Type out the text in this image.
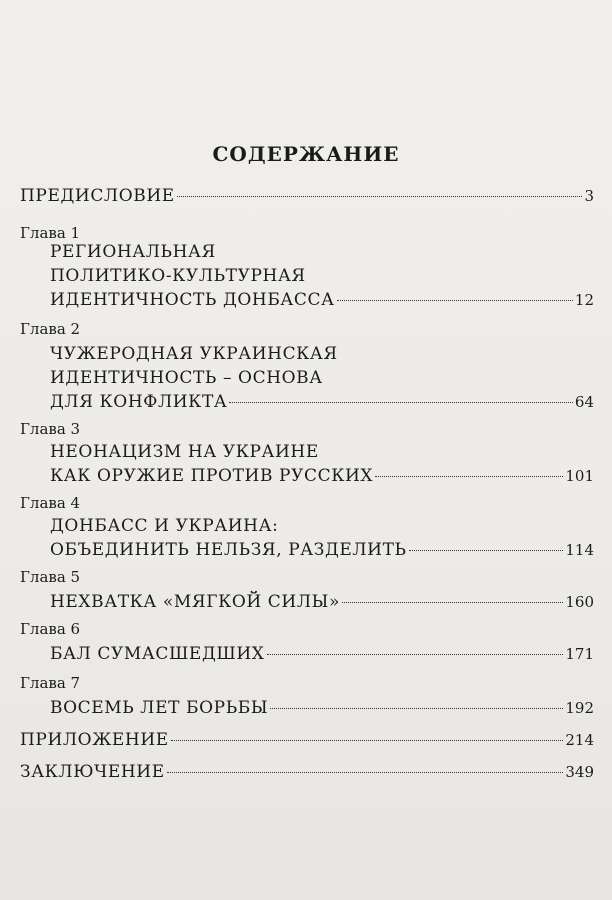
СОДЕРЖАНИЕ
ПРЕДИСЛОВИЕ	3
Глава 1
РЕГИОНАЛЬНАЯ
ПОЛИТИКО-КУЛЬТУРНАЯ
ИДЕНТИЧНОСТЬ ДОНБАССА	12
Глава 2
ЧУЖЕРОДНАЯ УКРАИНСКАЯ
ИДЕНТИЧНОСТЬ – ОСНОВА
ДЛЯ КОНФЛИКТА	64
Глава 3
НЕОНАЦИЗМ НА УКРАИНЕ
КАК ОРУЖИЕ ПРОТИВ РУССКИХ	101
Глава 4
ДОНБАСС И УКРАИНА:
ОБЪЕДИНИТЬ НЕЛЬЗЯ, РАЗДЕЛИТЬ	114
Глава 5
НЕХВАТКА «МЯГКОЙ СИЛЫ»	160
Глава 6
БАЛ СУМАСШЕДШИХ	171
Глава 7
ВОСЕМЬ ЛЕТ БОРЬБЫ	192
ПРИЛОЖЕНИЕ	214
ЗАКЛЮЧЕНИЕ	349
